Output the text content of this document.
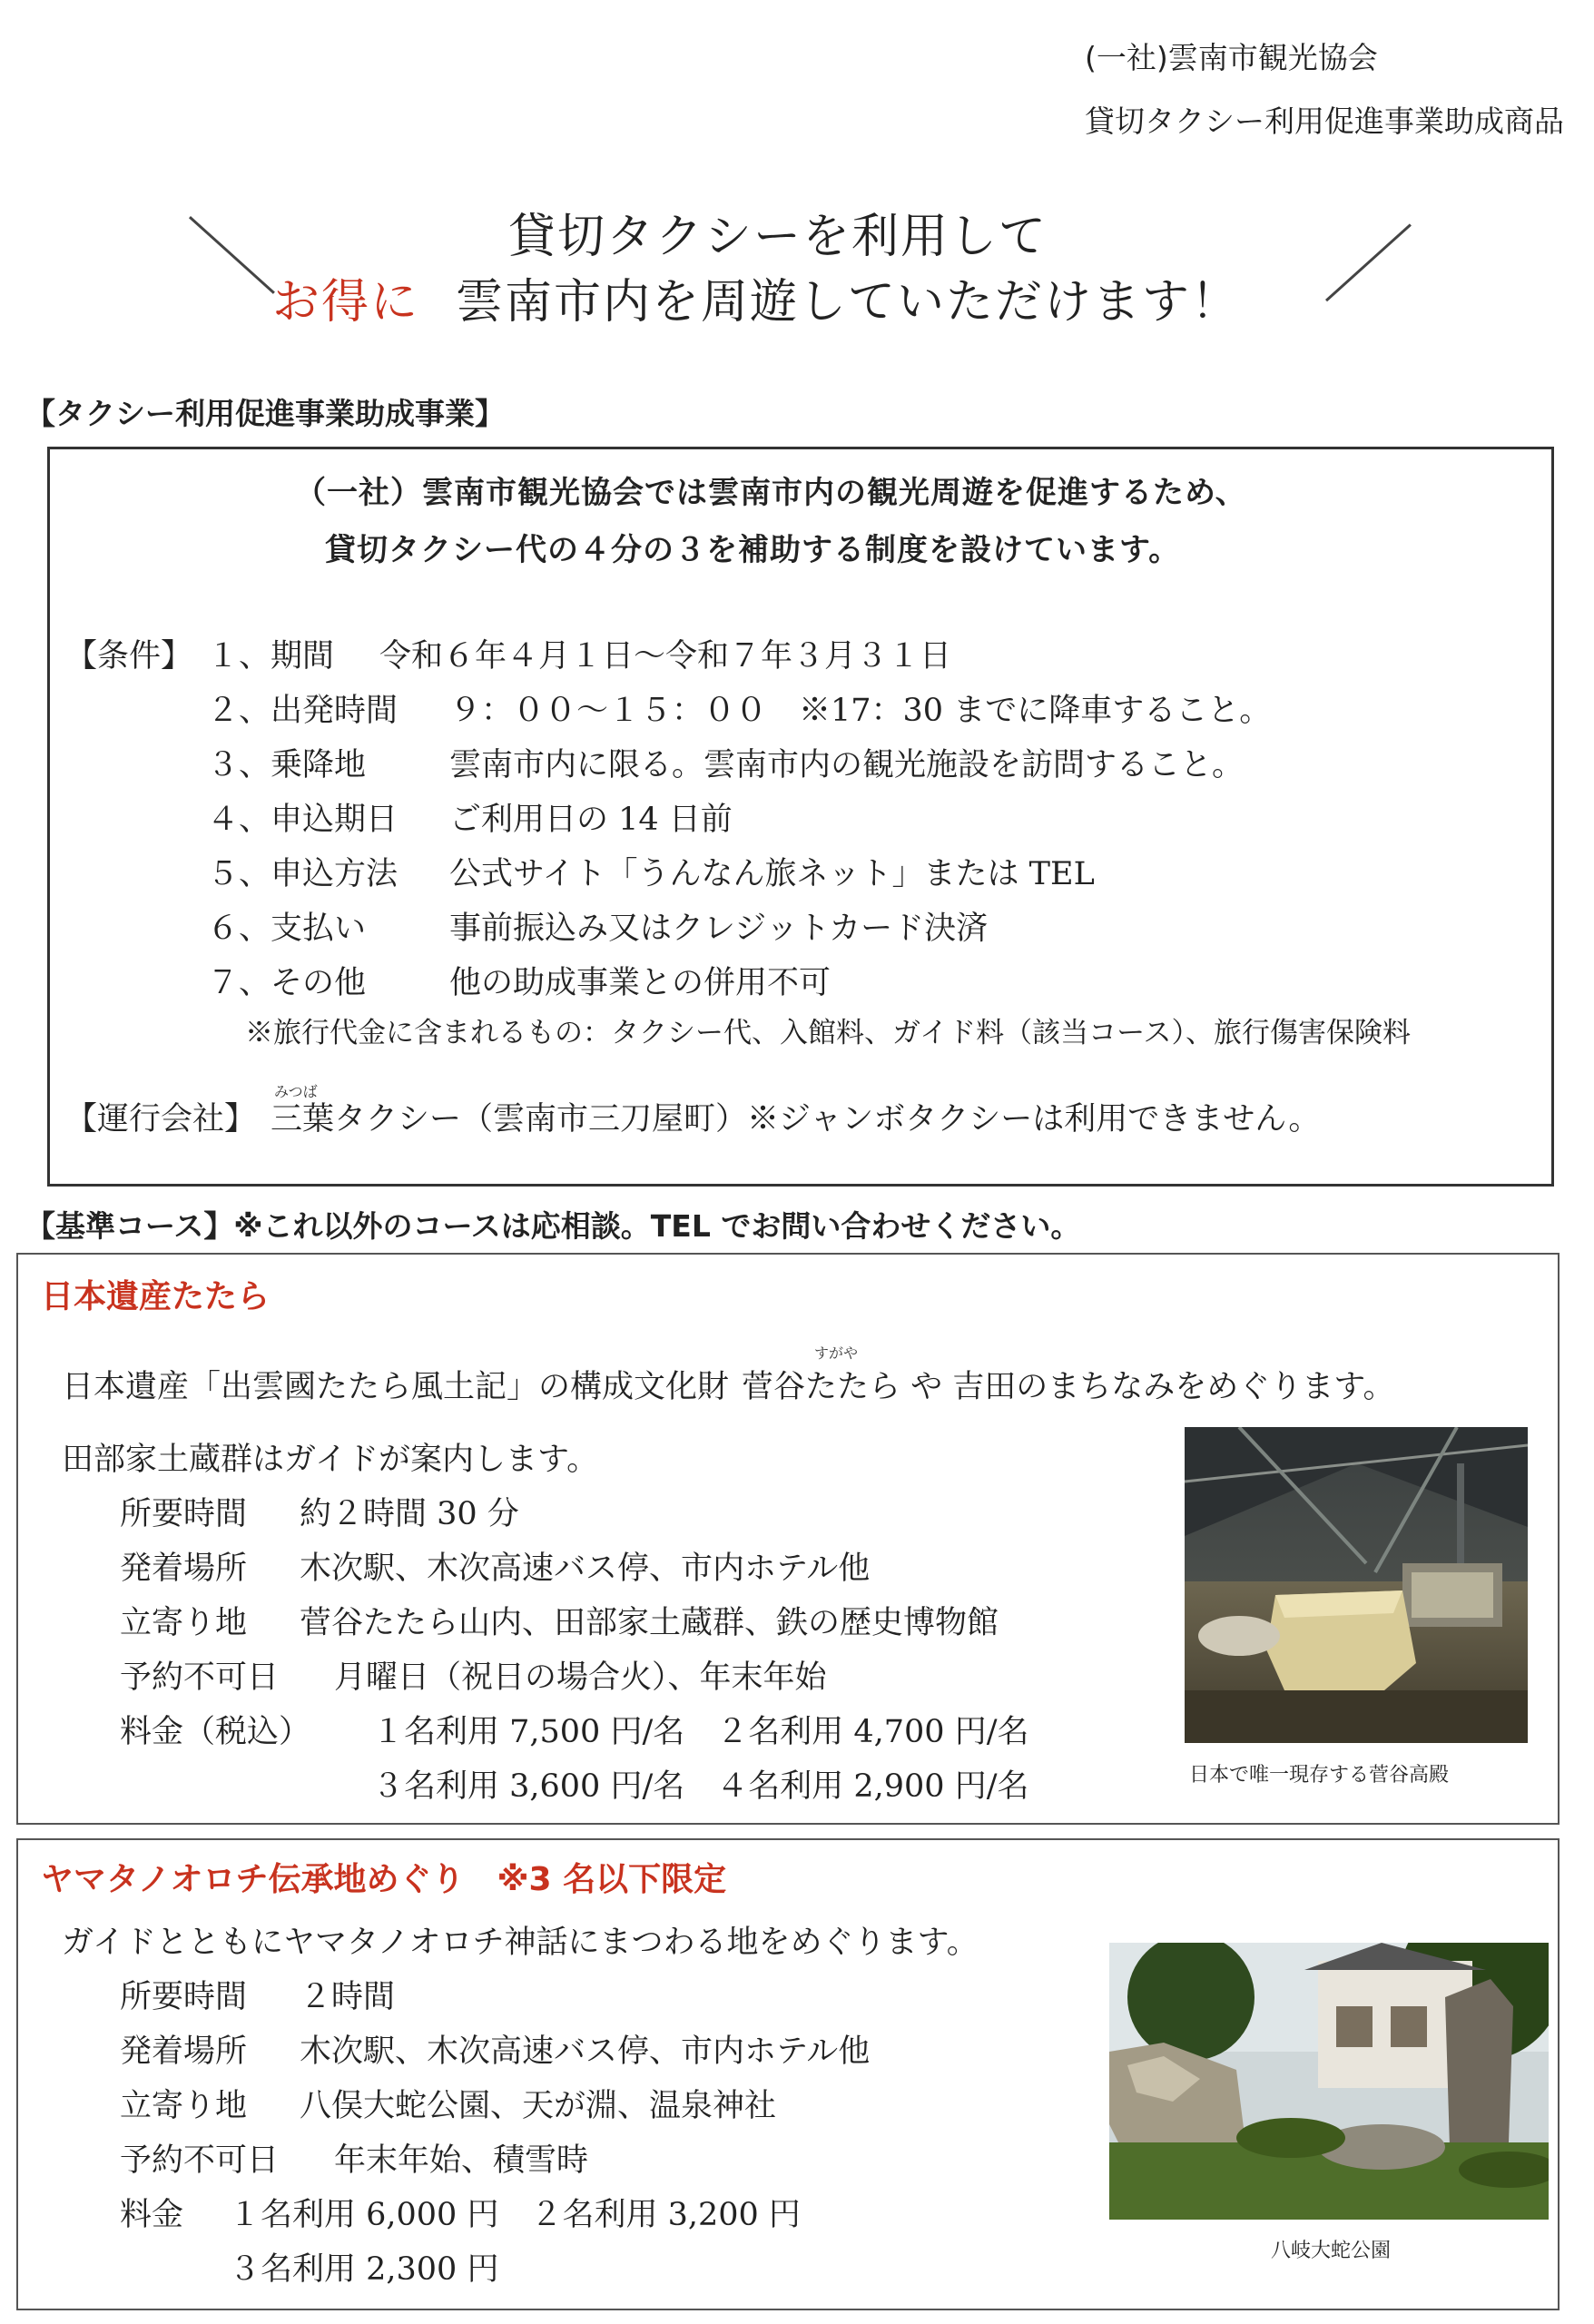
(一社)雲南市観光協会
貸切タクシー利用促進事業助成商品
貸切タクシーを利用して
お得に 雲南市内を周遊していただけます！
【タクシー利用促進事業助成事業】
（一社）雲南市観光協会では雲南市内の観光周遊を促進するため、
貸切タクシー代の４分の３を補助する制度を設けています。
【条件】 １、期間 令和６年４月１日～令和７年３月３１日
２、出発時間 ９：００～１５：００　※17：30 までに降車すること。
３、乗降地	雲南市内に限る。雲南市内の観光施設を訪問すること。
４、申込期日 ご利用日の 14 日前
５、申込方法 公式サイト「うんなん旅ネット」または TEL
６、支払い	事前振込み又はクレジットカード決済
７、その他	他の助成事業との併用不可
※旅行代金に含まれるもの：タクシー代、入館料、ガイド料（該当コース）、旅行傷害保険料
【運行会社】
みつば
三葉タクシー（雲南市三刀屋町）※ジャンボタクシーは利用できません。
【基準コース】※これ以外のコースは応相談。TEL でお問い合わせください。
日本遺産たたら
すがや
日本遺産「出雲國たたら風土記」の構成文化財 菅谷たたら や 吉田のまちなみをめぐります。
田部家土蔵群はガイドが案内します。
所要時間 約２時間 30 分
発着場所 木次駅、木次高速バス停、市内ホテル他
立寄り地 菅谷たたら山内、田部家土蔵群、鉄の歴史博物館
予約不可日 月曜日（祝日の場合火）、年末年始
料金（税込） １名利用 7,500 円/名　２名利用 4,700 円/名
３名利用 3,600 円/名　４名利用 2,900 円/名	日本で唯一現存する菅谷高殿
ヤマタノオロチ伝承地めぐり　※3 名以下限定
ガイドとともにヤマタノオロチ神話にまつわる地をめぐります。
所要時間 ２時間
発着場所 木次駅、木次高速バス停、市内ホテル他
立寄り地 八俣大蛇公園、天が淵、温泉神社
予約不可日 年末年始、積雪時
料金 １名利用 6,000 円　２名利用 3,200 円
３名利用 2,300 円
八岐大蛇公園
